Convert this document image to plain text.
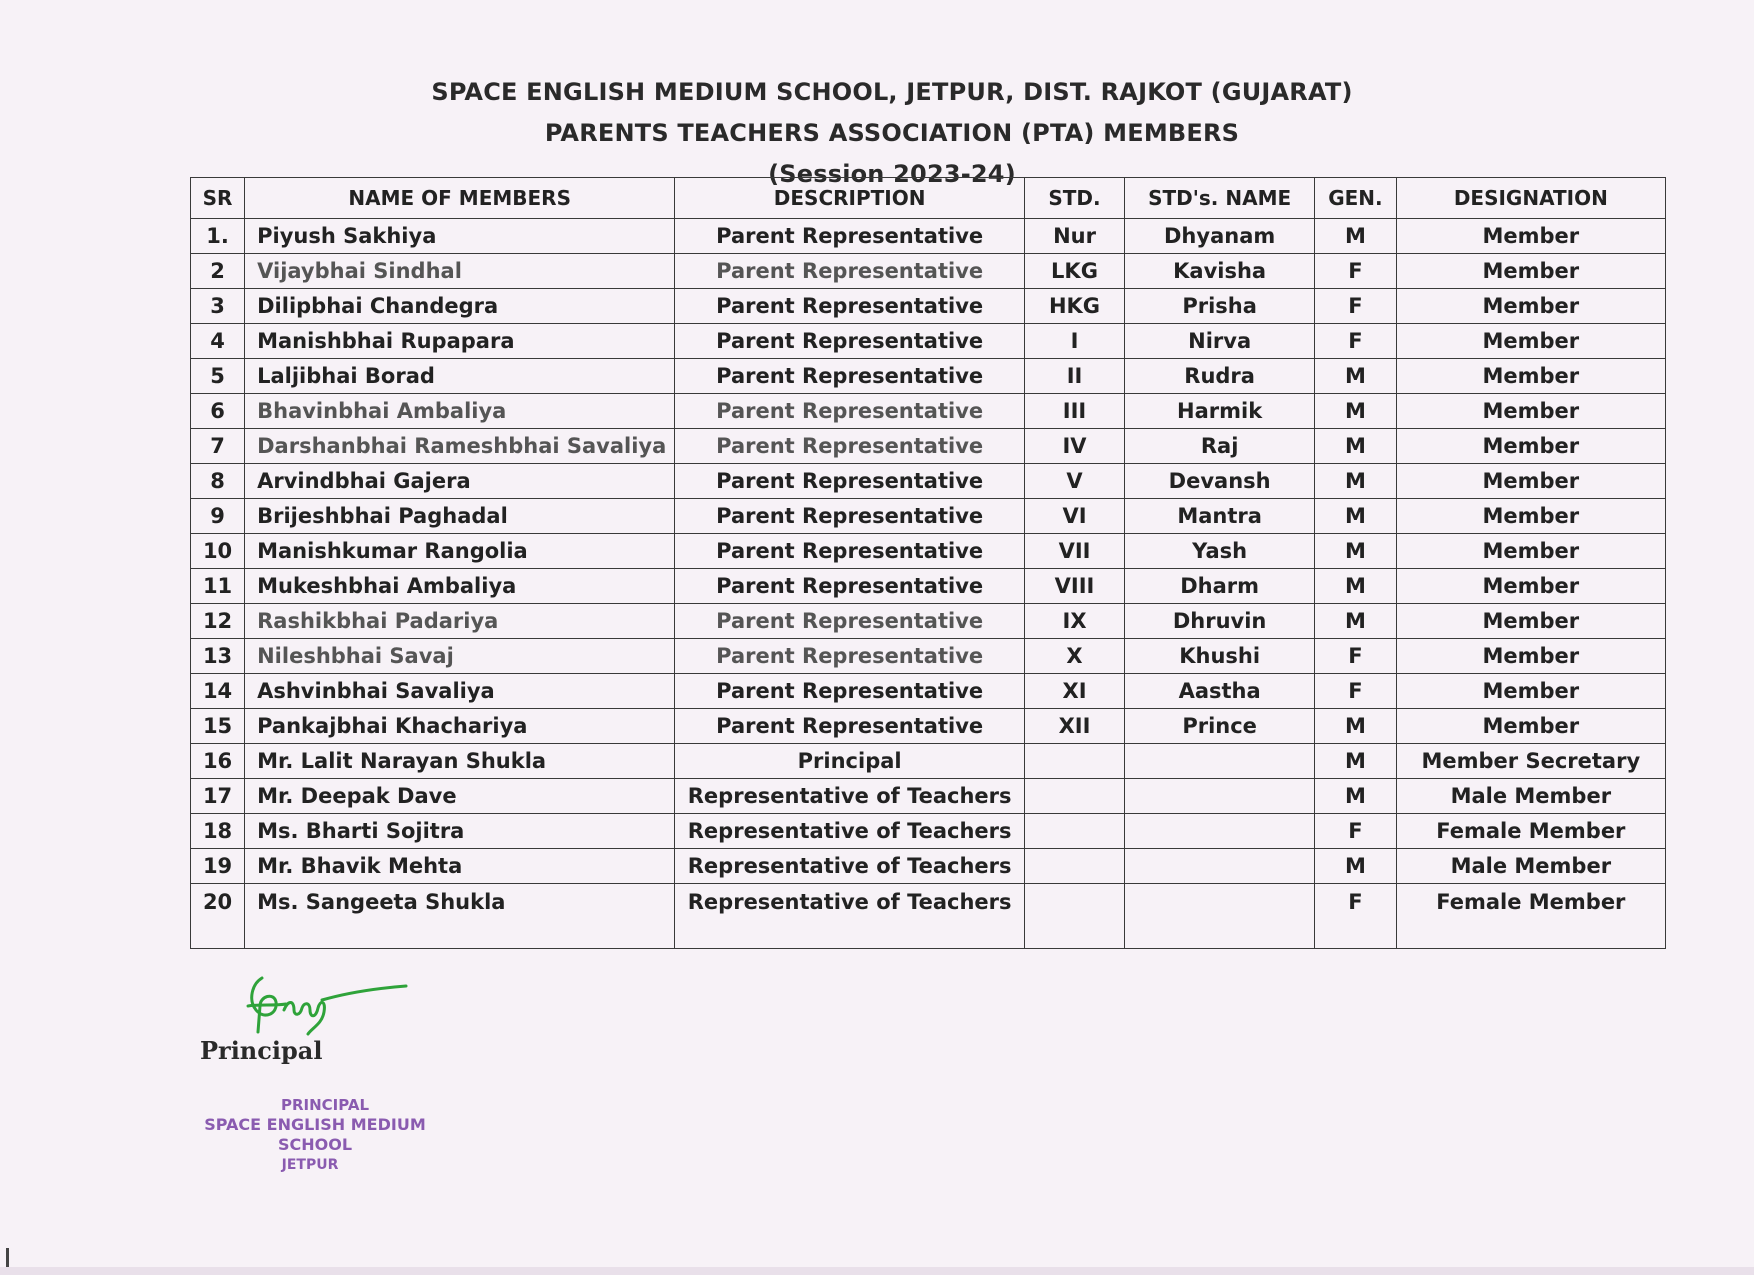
SPACE ENGLISH MEDIUM SCHOOL, JETPUR, DIST. RAJKOT (GUJARAT)
PARENTS TEACHERS ASSOCIATION (PTA) MEMBERS
(Session 2023-24)
SR	NAME OF MEMBERS	DESCRIPTION	STD.	STD's. NAME	GEN.	DESIGNATION
1.	Piyush Sakhiya	Parent Representative	Nur	Dhyanam	M	Member
2	Vijaybhai Sindhal	Parent Representative	LKG	Kavisha	F	Member
3	Dilipbhai Chandegra	Parent Representative	HKG	Prisha	F	Member
4	Manishbhai Rupapara	Parent Representative	I	Nirva	F	Member
5	Laljibhai Borad	Parent Representative	II	Rudra	M	Member
6	Bhavinbhai Ambaliya	Parent Representative	III	Harmik	M	Member
7	Darshanbhai Rameshbhai Savaliya	Parent Representative	IV	Raj	M	Member
8	Arvindbhai Gajera	Parent Representative	V	Devansh	M	Member
9	Brijeshbhai Paghadal	Parent Representative	VI	Mantra	M	Member
10	Manishkumar Rangolia	Parent Representative	VII	Yash	M	Member
11	Mukeshbhai Ambaliya	Parent Representative	VIII	Dharm	M	Member
12	Rashikbhai Padariya	Parent Representative	IX	Dhruvin	M	Member
13	Nileshbhai Savaj	Parent Representative	X	Khushi	F	Member
14	Ashvinbhai Savaliya	Parent Representative	XI	Aastha	F	Member
15	Pankajbhai Khachariya	Parent Representative	XII	Prince	M	Member
16	Mr. Lalit Narayan Shukla	Principal			M	Member Secretary
17	Mr. Deepak Dave	Representative of Teachers			M	Male Member
18	Ms. Bharti Sojitra	Representative of Teachers			F	Female Member
19	Mr. Bhavik Mehta	Representative of Teachers			M	Male Member
20	Ms. Sangeeta Shukla	Representative of Teachers			F	Female Member
Principal
PRINCIPAL
SPACE ENGLISH MEDIUM SCHOOL
JETPUR
